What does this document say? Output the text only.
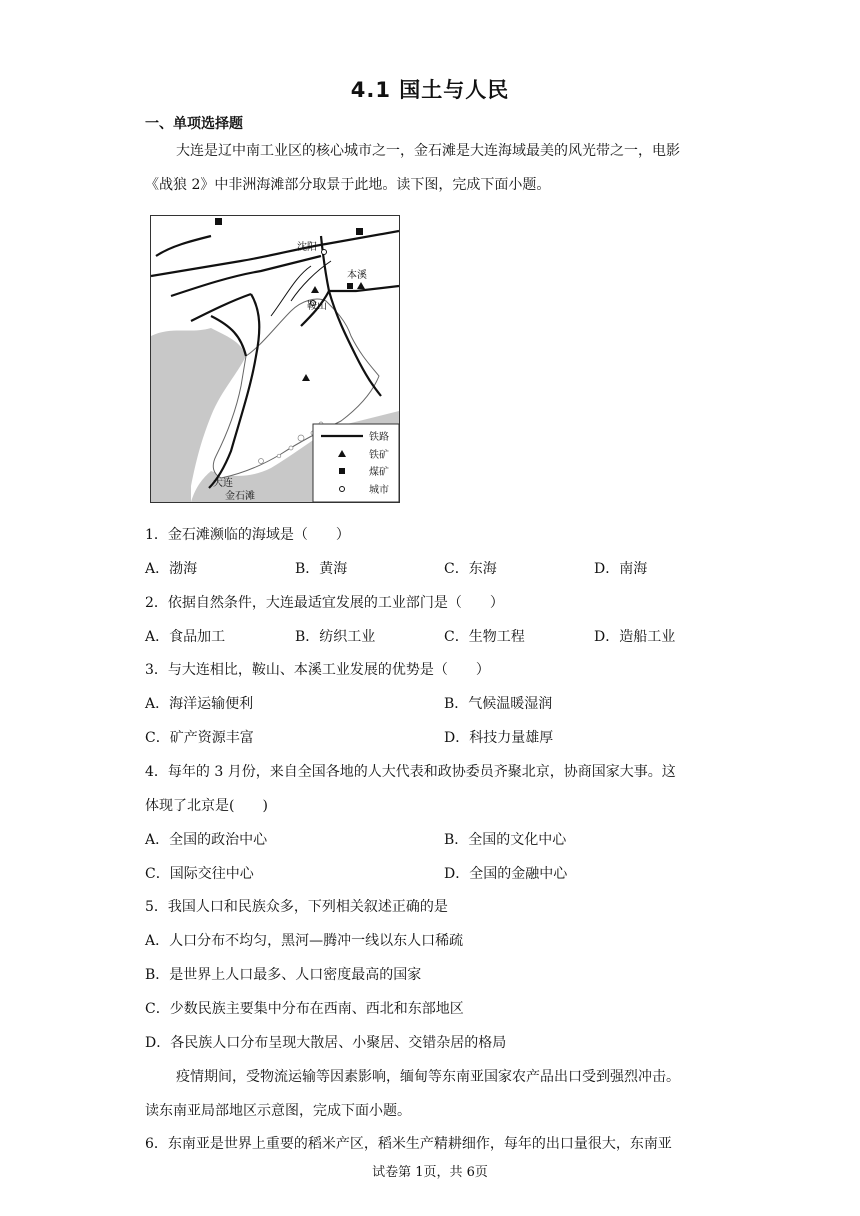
4.1 国土与人民
一、单项选择题
大连是辽中南工业区的核心城市之一，金石滩是大连海域最美的风光带之一，电影
《战狼 2》中非洲海滩部分取景于此地。读下图，完成下面小题。
沈阳
本溪
鞍山
大连
金石滩
铁路
铁矿
煤矿
城市
1．金石滩濒临的海域是（　　）
A．渤海	B．黄海	C．东海	D．南海
2．依据自然条件，大连最适宜发展的工业部门是（　　）
A．食品加工	B．纺织工业	C．生物工程	D．造船工业
3．与大连相比，鞍山、本溪工业发展的优势是（　　）
A．海洋运输便利	B．气候温暖湿润
C．矿产资源丰富	D．科技力量雄厚
4．每年的 3 月份，来自全国各地的人大代表和政协委员齐聚北京，协商国家大事。这
体现了北京是(　　)
A．全国的政治中心	B．全国的文化中心
C．国际交往中心	D．全国的金融中心
5．我国人口和民族众多，下列相关叙述正确的是
A．人口分布不均匀，黑河—腾冲一线以东人口稀疏
B．是世界上人口最多、人口密度最高的国家
C．少数民族主要集中分布在西南、西北和东部地区
D．各民族人口分布呈现大散居、小聚居、交错杂居的格局
疫情期间，受物流运输等因素影响，缅甸等东南亚国家农产品出口受到强烈冲击。
读东南亚局部地区示意图，完成下面小题。
6．东南亚是世界上重要的稻米产区，稻米生产精耕细作，每年的出口量很大，东南亚
试卷第 1页，共 6页
